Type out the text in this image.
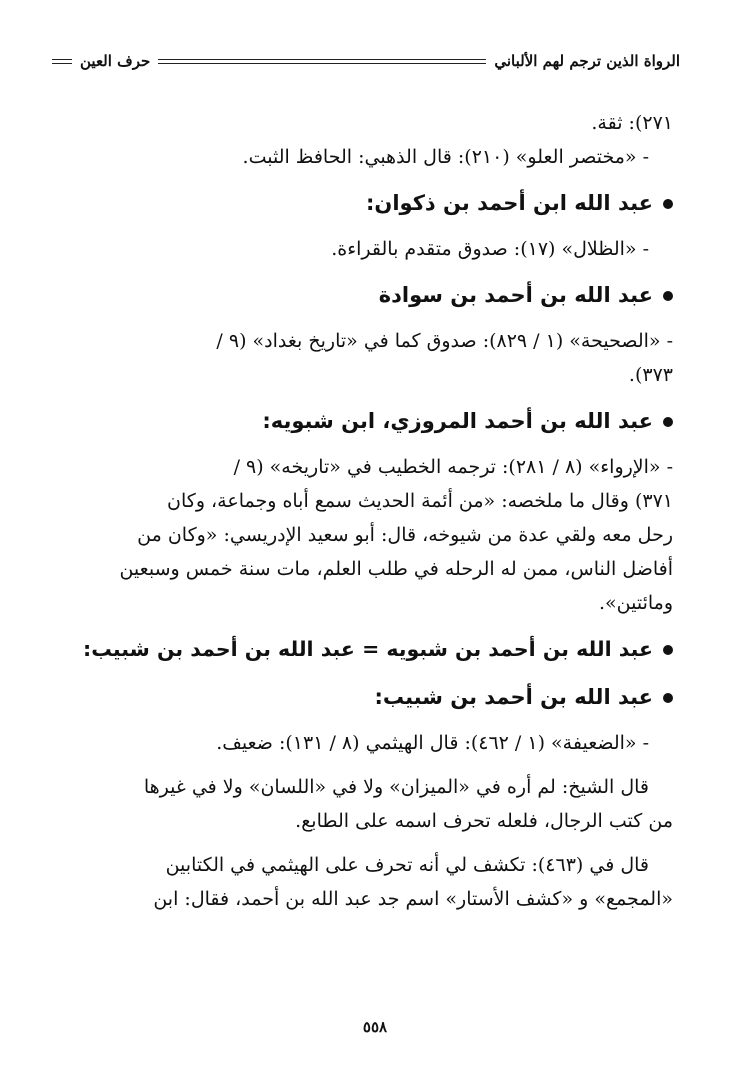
الرواة الذين ترجم لهم الألباني
حرف العين
٢٧١): ثقة.
- «مختصر العلو» (٢١٠): قال الذهبي: الحافظ الثبت.
عبد الله ابن أحمد بن ذكوان:
- «الظلال» (١٧): صدوق متقدم بالقراءة.
عبد الله بن أحمد بن سوادة
- «الصحيحة» (١ / ٨٢٩): صدوق كما في «تاريخ بغداد» (٩ /
٣٧٣).
عبد الله بن أحمد المروزي، ابن شبويه:
- «الإرواء» (٨ / ٢٨١): ترجمه الخطيب في «تاريخه» (٩ /
٣٧١) وقال ما ملخصه: «من أئمة الحديث سمع أباه وجماعة، وكان
رحل معه ولقي عدة من شيوخه، قال: أبو سعيد الإدريسي: «وكان من
أفاضل الناس، ممن له الرحله في طلب العلم، مات سنة خمس وسبعين
ومائتين».
عبد الله بن أحمد بن شبويه = عبد الله بن أحمد بن شبيب:
عبد الله بن أحمد بن شبيب:
- «الضعيفة» (١ / ٤٦٢): قال الهيثمي (٨ / ١٣١): ضعيف.
قال الشيخ: لم أره في «الميزان» ولا في «اللسان» ولا في غيرها
من كتب الرجال، فلعله تحرف اسمه على الطابع.
قال في (٤٦٣): تكشف لي أنه تحرف على الهيثمي في الكتابين
«المجمع» و «كشف الأستار» اسم جد عبد الله بن أحمد، فقال: ابن
٥٥٨
